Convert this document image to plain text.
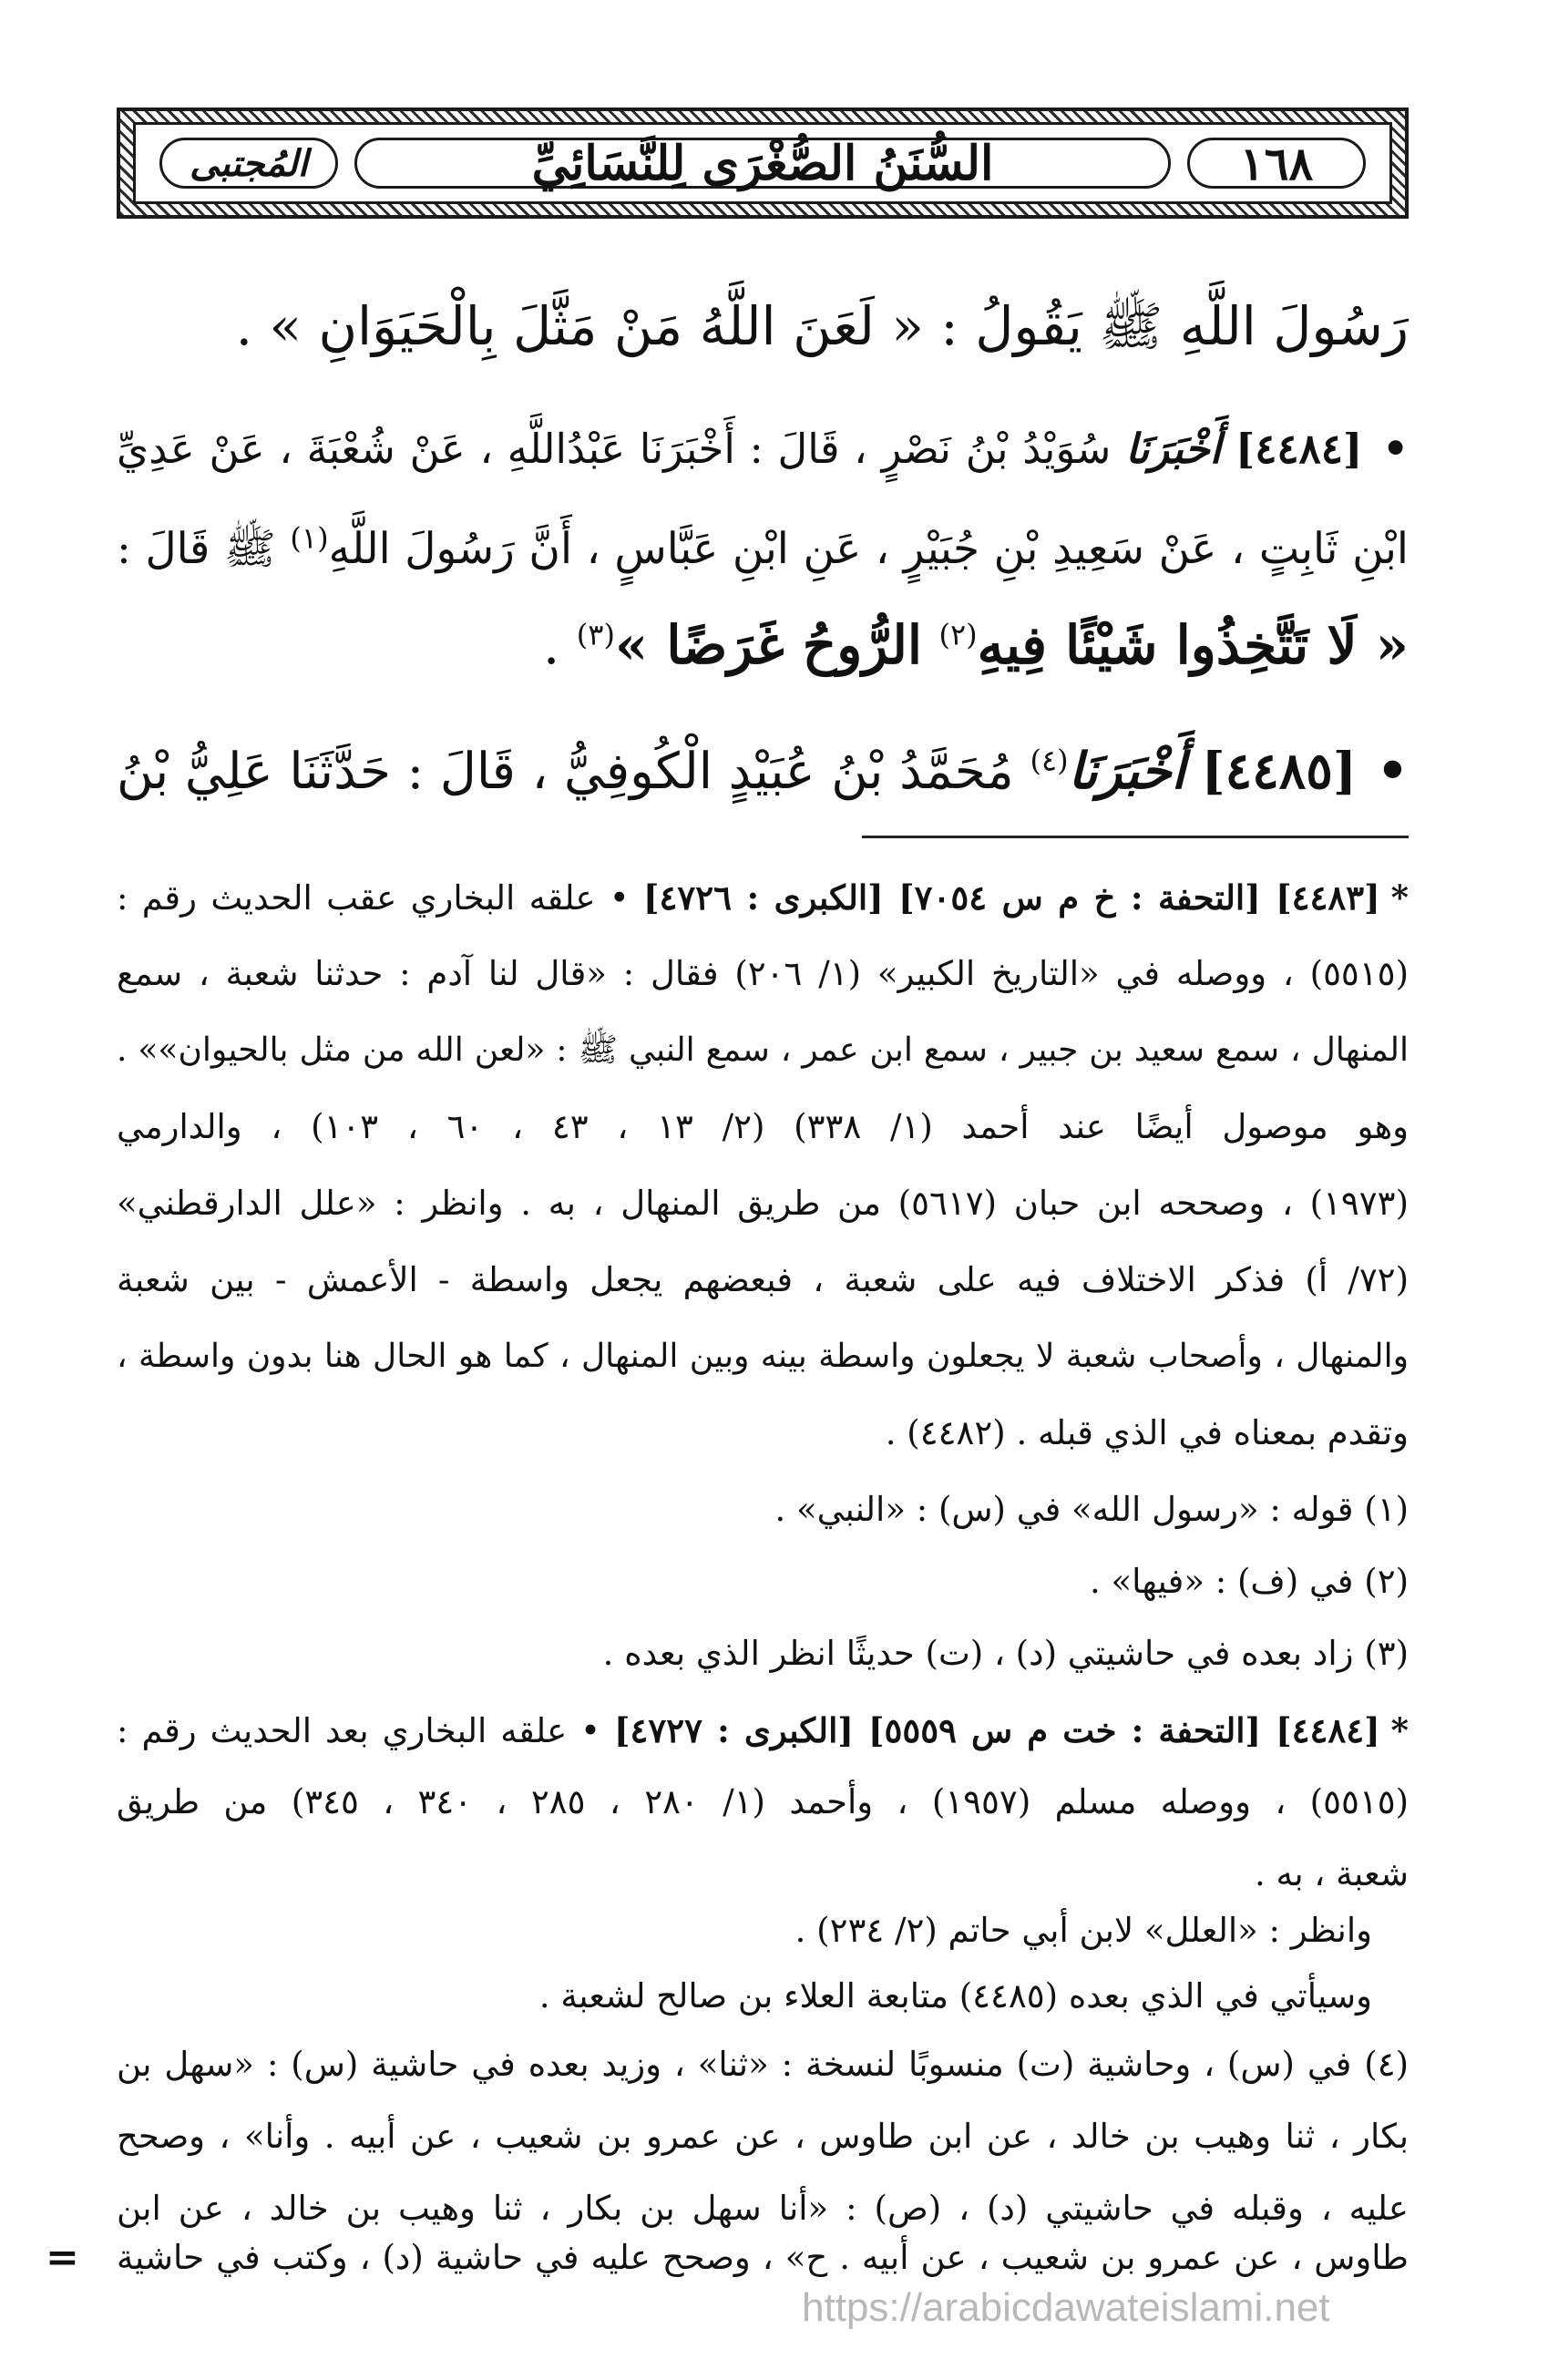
١٦٨
السُّنَنُ الصُّغْرَى لِلنَّسَائِيِّ
المُجتبى
رَسُولَ اللَّهِ ﷺ يَقُولُ : « لَعَنَ اللَّهُ مَنْ مَثَّلَ بِالْحَيَوَانِ » .
•[٤٤٨٤] أَخْبَرَنَا سُوَيْدُ بْنُ نَصْرٍ ، قَالَ : أَخْبَرَنَا عَبْدُاللَّهِ ، عَنْ شُعْبَةَ ، عَنْ عَدِيِّ
ابْنِ ثَابِتٍ ، عَنْ سَعِيدِ بْنِ جُبَيْرٍ ، عَنِ ابْنِ عَبَّاسٍ ، أَنَّ رَسُولَ اللَّهِ$^{(١)}$ ﷺ قَالَ :
« لَا تَتَّخِذُوا شَيْئًا فِيهِ$^{(٢)}$ الرُّوحُ غَرَضًا »$^{(٣)}$ .
•[٤٤٨٥] أَخْبَرَنَا$^{(٤)}$ مُحَمَّدُ بْنُ عُبَيْدٍ الْكُوفِيُّ ، قَالَ : حَدَّثَنَا عَلِيُّ بْنُ
*[٤٤٨٣] [التحفة : خ م س ٧٠٥٤] [الكبرى : ٤٧٢٦] • علقه البخاري عقب الحديث رقم :
(٥٥١٥) ، ووصله في «التاريخ الكبير» (١/ ٢٠٦) فقال : «قال لنا آدم : حدثنا شعبة ، سمع
المنهال ، سمع سعيد بن جبير ، سمع ابن عمر ، سمع النبي ﷺ : «لعن الله من مثل بالحيوان»» .
وهو موصول أيضًا عند أحمد (١/ ٣٣٨) (٢/ ١٣ ، ٤٣ ، ٦٠ ، ١٠٣) ، والدارمي
(١٩٧٣) ، وصححه ابن حبان (٥٦١٧) من طريق المنهال ، به . وانظر : «علل الدارقطني»
(٧٢/ أ) فذكر الاختلاف فيه على شعبة ، فبعضهم يجعل واسطة - الأعمش - بين شعبة
والمنهال ، وأصحاب شعبة لا يجعلون واسطة بينه وبين المنهال ، كما هو الحال هنا بدون واسطة ،
وتقدم بمعناه في الذي قبله . (٤٤٨٢) .
(١) قوله : «رسول الله» في (س) : «النبي» .
(٢) في (ف) : «فيها» .
(٣) زاد بعده في حاشيتي (د) ، (ت) حديثًا انظر الذي بعده .
*[٤٤٨٤] [التحفة : خت م س ٥٥٥٩] [الكبرى : ٤٧٢٧] • علقه البخاري بعد الحديث رقم :
(٥٥١٥) ، ووصله مسلم (١٩٥٧) ، وأحمد (١/ ٢٨٠ ، ٢٨٥ ، ٣٤٠ ، ٣٤٥) من طريق
شعبة ، به .
وانظر : «العلل» لابن أبي حاتم (٢/ ٢٣٤) .
وسيأتي في الذي بعده (٤٤٨٥) متابعة العلاء بن صالح لشعبة .
(٤) في (س) ، وحاشية (ت) منسوبًا لنسخة : «ثنا» ، وزيد بعده في حاشية (س) : «سهل بن
بكار ، ثنا وهيب بن خالد ، عن ابن طاوس ، عن عمرو بن شعيب ، عن أبيه . وأنا» ، وصحح
عليه ، وقبله في حاشيتي (د) ، (ص) : «أنا سهل بن بكار ، ثنا وهيب بن خالد ، عن ابن
طاوس ، عن عمرو بن شعيب ، عن أبيه . ح» ، وصحح عليه في حاشية (د) ، وكتب في حاشية
=
https://arabicdawateislami.net
